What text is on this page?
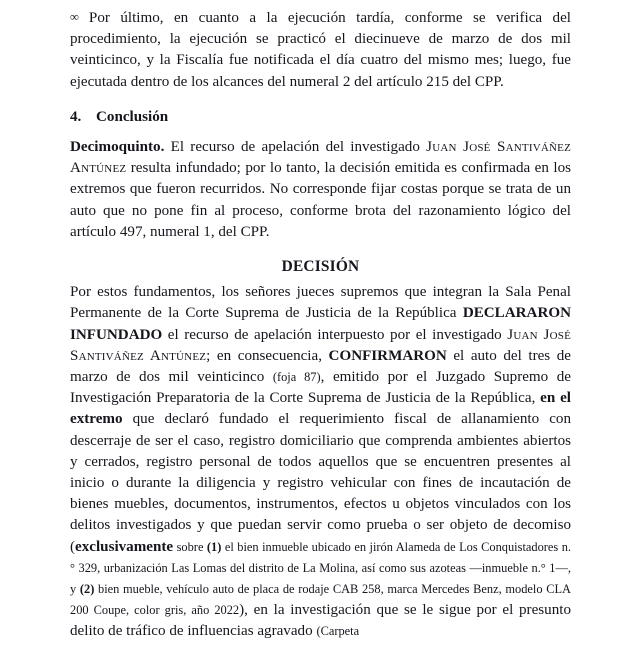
∞ Por último, en cuanto a la ejecución tardía, conforme se verifica del procedimiento, la ejecución se practicó el diecinueve de marzo de dos mil veinticinco, y la Fiscalía fue notificada el día cuatro del mismo mes; luego, fue ejecutada dentro de los alcances del numeral 2 del artículo 215 del CPP.

4. Conclusión

Decimoquinto. El recurso de apelación del investigado Juan José Santiváñez Antúnez resulta infundado; por lo tanto, la decisión emitida es confirmada en los extremos que fueron recurridos. No corresponde fijar costas porque se trata de un auto que no pone fin al proceso, conforme brota del razonamiento lógico del artículo 497, numeral 1, del CPP.

DECISIÓN

Por estos fundamentos, los señores jueces supremos que integran la Sala Penal Permanente de la Corte Suprema de Justicia de la República DECLARARON INFUNDADO el recurso de apelación interpuesto por el investigado Juan José Santiváñez Antúnez; en consecuencia, CONFIRMARON el auto del tres de marzo de dos mil veinticinco (foja 87), emitido por el Juzgado Supremo de Investigación Preparatoria de la Corte Suprema de Justicia de la República, en el extremo que declaró fundado el requerimiento fiscal de allanamiento con descerraje de ser el caso, registro domiciliario que comprenda ambientes abiertos y cerrados, registro personal de todos aquellos que se encuentren presentes al inicio o durante la diligencia y registro vehicular con fines de incautación de bienes muebles, documentos, instrumentos, efectos u objetos vinculados con los delitos investigados y que puedan servir como prueba o ser objeto de decomiso (exclusivamente sobre (1) el bien inmueble ubicado en jirón Alameda de Los Conquistadores n.° 329, urbanización Las Lomas del distrito de La Molina, así como sus azoteas —inmueble n.° 1—, y (2) bien mueble, vehículo auto de placa de rodaje CAB 258, marca Mercedes Benz, modelo CLA 200 Coupe, color gris, año 2022), en la investigación que se le sigue por el presunto delito de tráfico de influencias agravado (Carpeta
